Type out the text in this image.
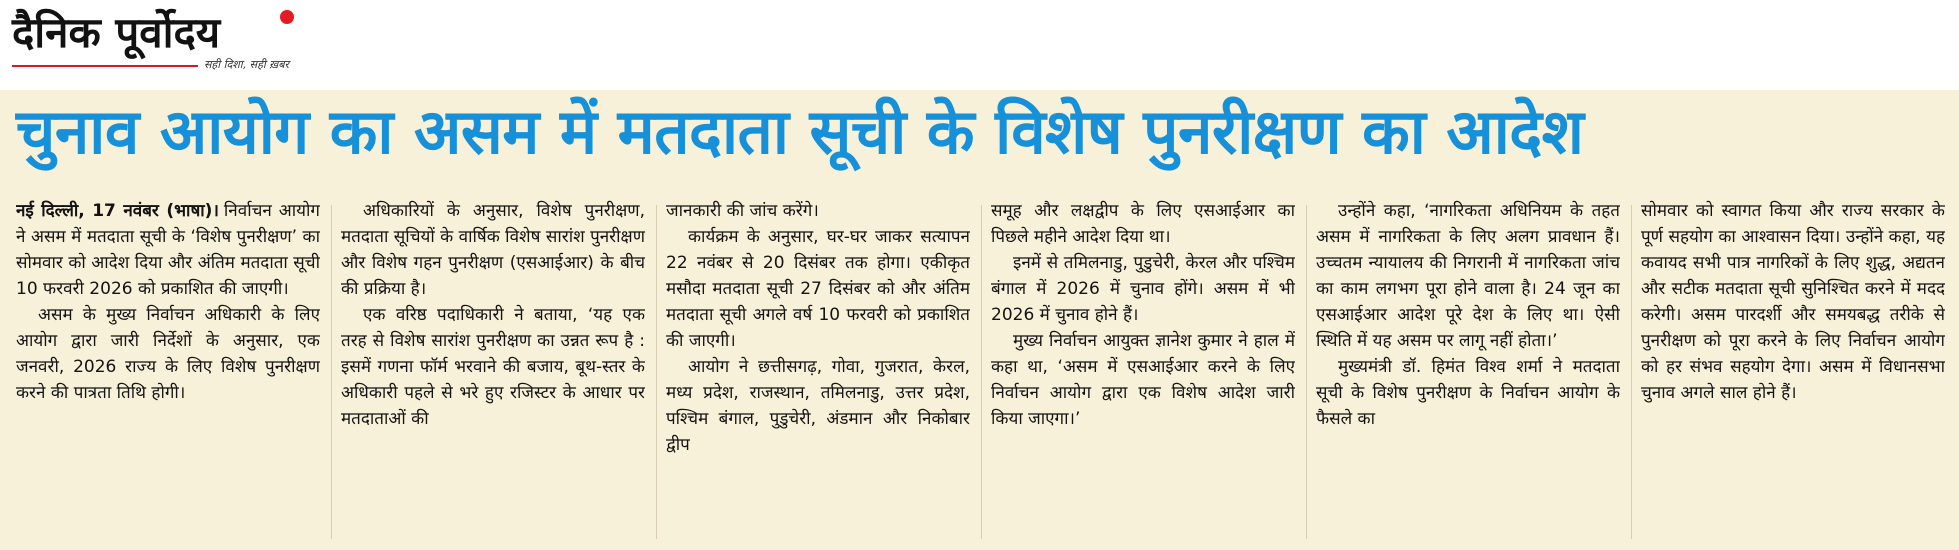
दैनिक पूर्वोदय
सही दिशा, सही ख़बर
चुनाव आयोग का असम में मतदाता सूची के विशेष पुनरीक्षण का आदेश

नई दिल्ली, 17 नवंबर (भाषा)। निर्वाचन आयोग ने असम में मतदाता सूची के ‘विशेष पुनरीक्षण’ का सोमवार को आदेश दिया और अंतिम मतदाता सूची 10 फरवरी 2026 को प्रकाशित की जाएगी।

असम के मुख्य निर्वाचन अधिकारी के लिए आयोग द्वारा जारी निर्देशों के अनुसार, एक जनवरी, 2026 राज्य के लिए विशेष पुनरीक्षण करने की पात्रता तिथि होगी।

अधिकारियों के अनुसार, विशेष पुनरीक्षण, मतदाता सूचियों के वार्षिक विशेष सारांश पुनरीक्षण और विशेष गहन पुनरीक्षण (एसआईआर) के बीच की प्रक्रिया है।

एक वरिष्ठ पदाधिकारी ने बताया, ‘यह एक तरह से विशेष सारांश पुनरीक्षण का उन्नत रूप है : इसमें गणना फॉर्म भरवाने की बजाय, बूथ-स्तर के अधिकारी पहले से भरे हुए रजिस्टर के आधार पर मतदाताओं की

जानकारी की जांच करेंगे।

कार्यक्रम के अनुसार, घर-घर जाकर सत्यापन 22 नवंबर से 20 दिसंबर तक होगा। एकीकृत मसौदा मतदाता सूची 27 दिसंबर को और अंतिम मतदाता सूची अगले वर्ष 10 फरवरी को प्रकाशित की जाएगी।

आयोग ने छत्तीसगढ़, गोवा, गुजरात, केरल, मध्य प्रदेश, राजस्थान, तमिलनाडु, उत्तर प्रदेश, पश्चिम बंगाल, पुडुचेरी, अंडमान और निकोबार द्वीप

समूह और लक्षद्वीप के लिए एसआईआर का पिछले महीने आदेश दिया था।

इनमें से तमिलनाडु, पुडुचेरी, केरल और पश्चिम बंगाल में 2026 में चुनाव होंगे। असम में भी 2026 में चुनाव होने हैं।

मुख्य निर्वाचन आयुक्त ज्ञानेश कुमार ने हाल में कहा था, ‘असम में एसआईआर करने के लिए निर्वाचन आयोग द्वारा एक विशेष आदेश जारी किया जाएगा।’

उन्होंने कहा, ‘नागरिकता अधिनियम के तहत असम में नागरिकता के लिए अलग प्रावधान हैं। उच्चतम न्यायालय की निगरानी में नागरिकता जांच का काम लगभग पूरा होने वाला है। 24 जून का एसआईआर आदेश पूरे देश के लिए था। ऐसी स्थिति में यह असम पर लागू नहीं होता।’

मुख्यमंत्री डॉ. हिमंत विश्व शर्मा ने मतदाता सूची के विशेष पुनरीक्षण के निर्वाचन आयोग के फैसले का

सोमवार को स्वागत किया और राज्य सरकार के पूर्ण सहयोग का आश्वासन दिया। उन्होंने कहा, यह कवायद सभी पात्र नागरिकों के लिए शुद्ध, अद्यतन और सटीक मतदाता सूची सुनिश्चित करने में मदद करेगी। असम पारदर्शी और समयबद्ध तरीके से पुनरीक्षण को पूरा करने के लिए निर्वाचन आयोग को हर संभव सहयोग देगा। असम में विधानसभा चुनाव अगले साल होने हैं।
